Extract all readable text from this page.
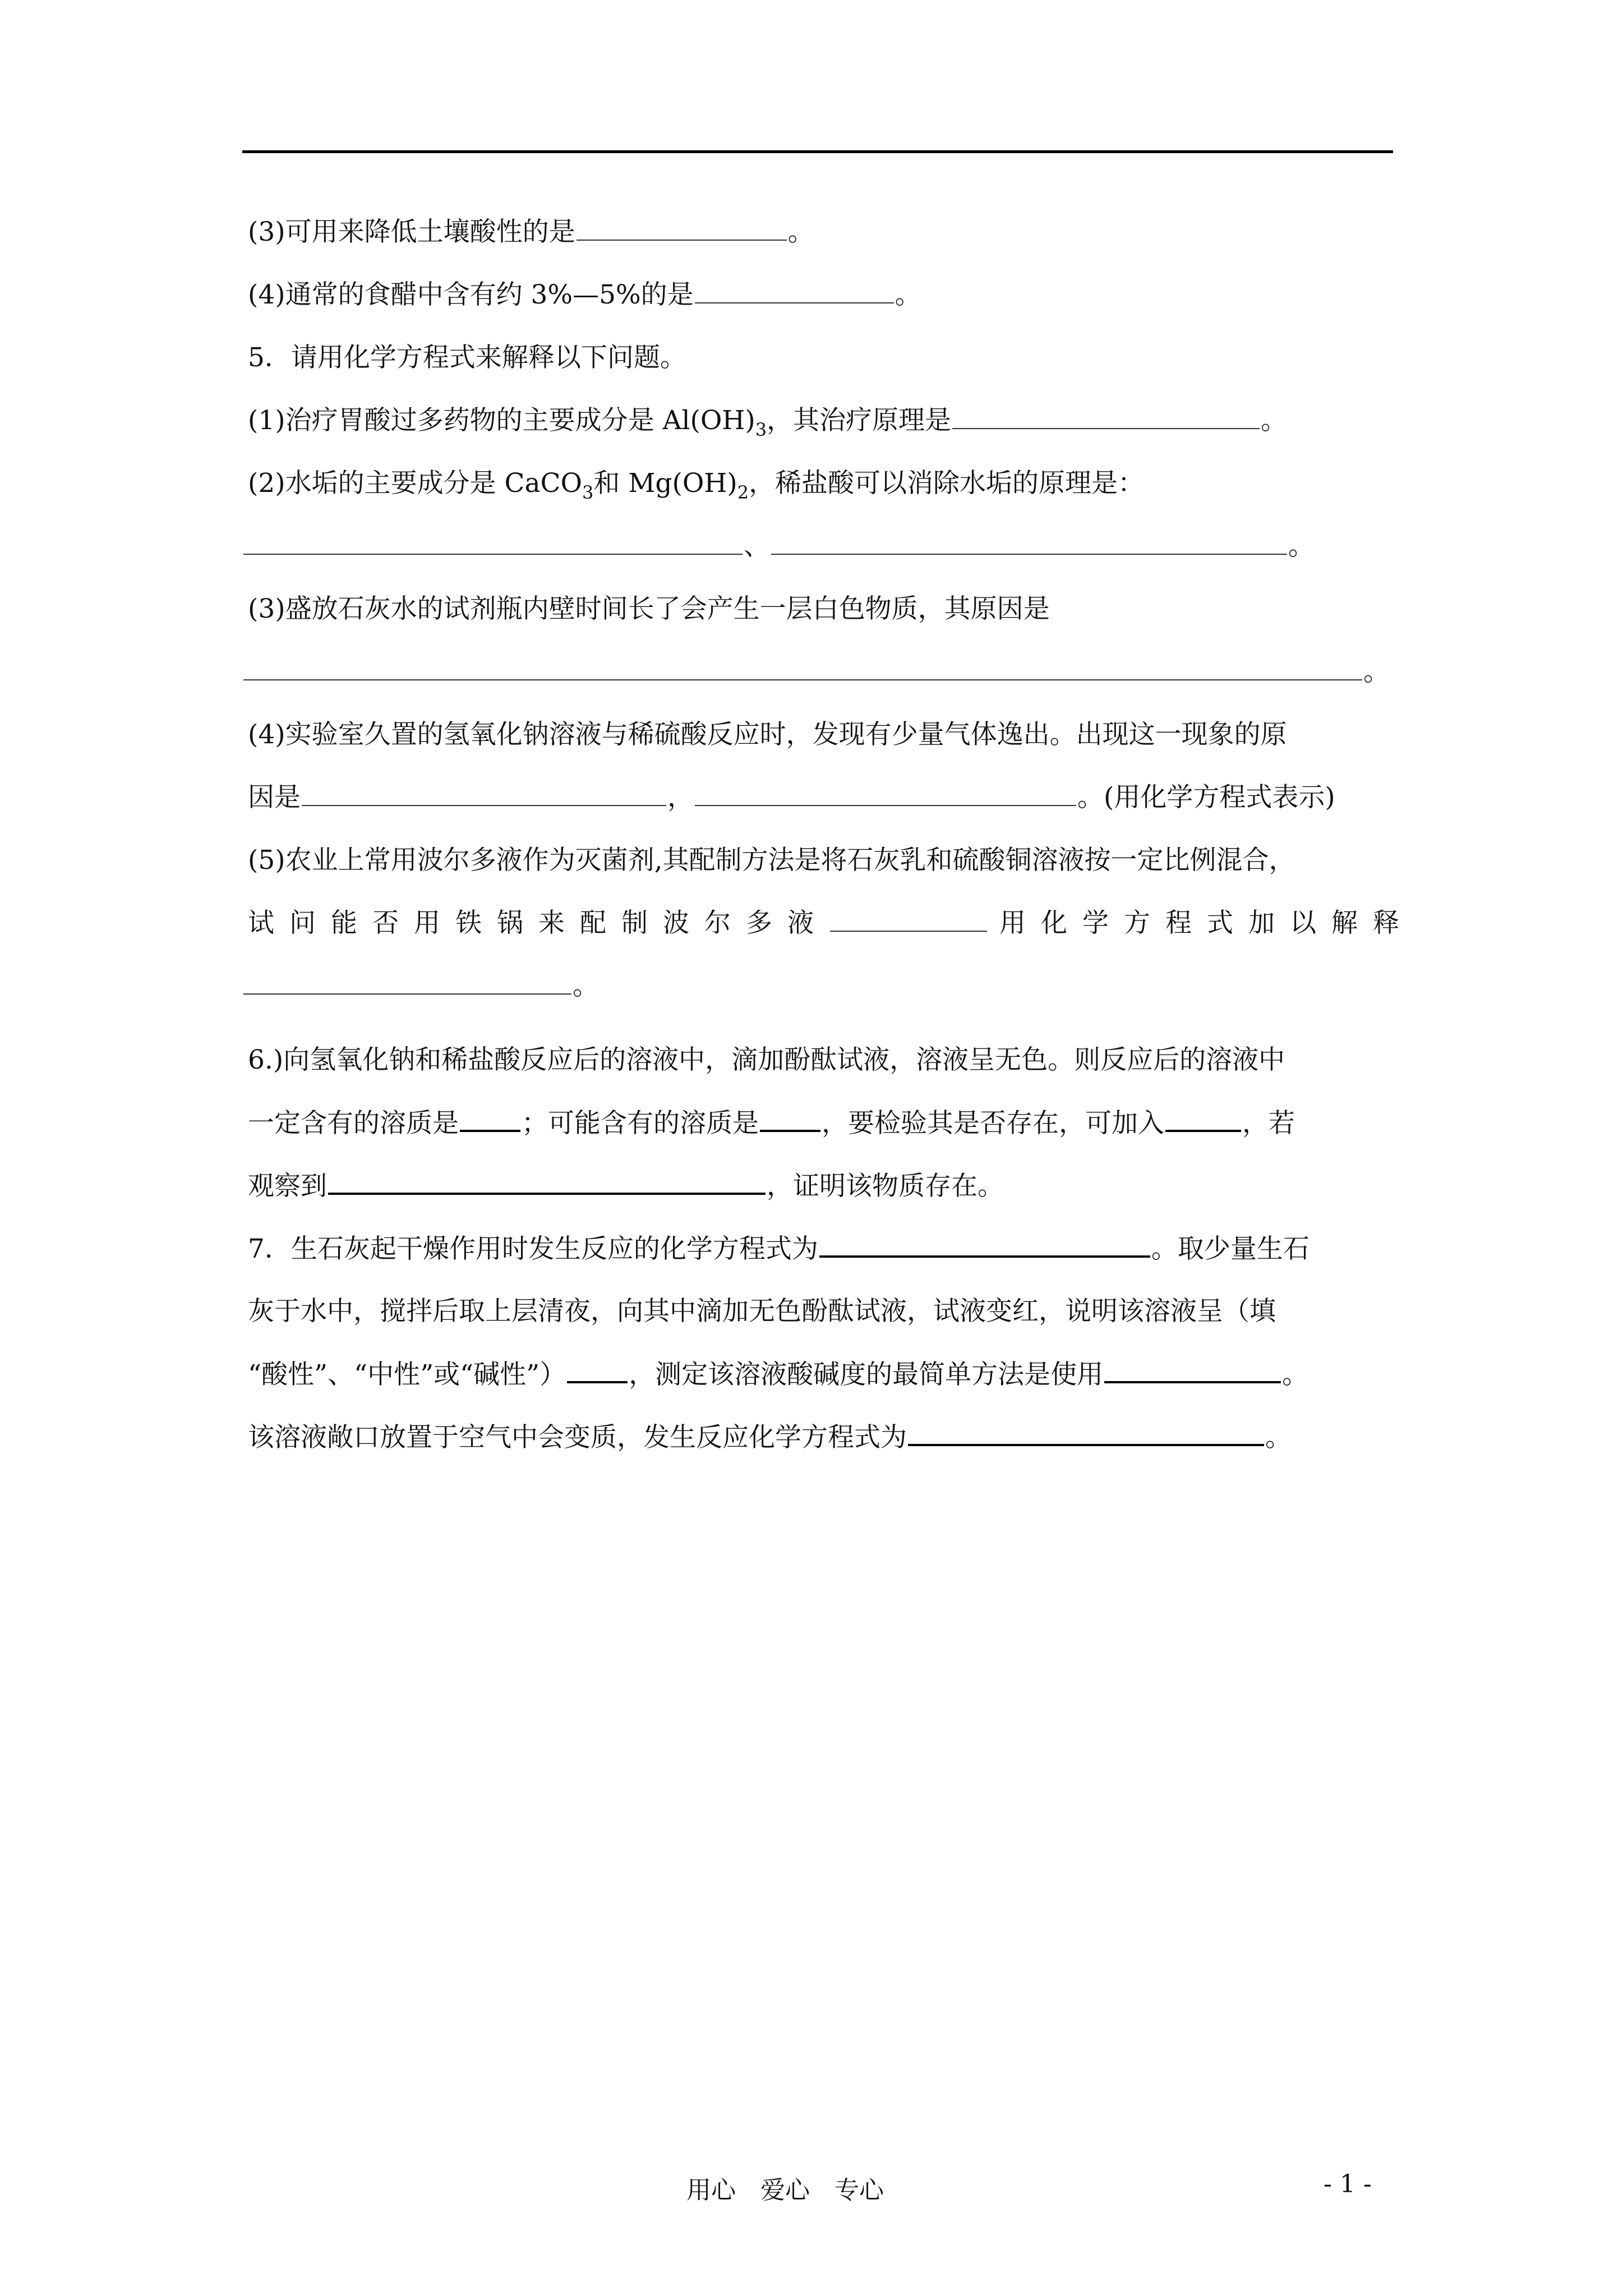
(3)可用来降低土壤酸性的是	。
(4)通常的食醋中含有约 3%—5%的是	。
5．请用化学方程式来解释以下问题。
(1)治疗胃酸过多药物的主要成分是 $Al(OH)_3$，其治疗原理是	。
(2)水垢的主要成分是 CaCO$_3$和 $Mg(OH)_2$，稀盐酸可以消除水垢的原理是：
、	。
(3)盛放石灰水的试剂瓶内壁时间长了会产生一层白色物质，其原因是
。
(4)实验室久置的氢氧化钠溶液与稀硫酸反应时，发现有少量气体逸出。出现这一现象的原
因是	，	。(用化学方程式表示)
(5)农业上常用波尔多液作为灭菌剂,其配制方法是将石灰乳和硫酸铜溶液按一定比例混合，
试问能否用铁锅来配制波尔多液	用化学方程式加以解释
。
6.)向氢氧化钠和稀盐酸反应后的溶液中，滴加酚酞试液，溶液呈无色。则反应后的溶液中
一定含有的溶质是 ；可能含有的溶质是 ，要检验其是否存在，可加入	，若
观察到	，证明该物质存在。
7．生石灰起干燥作用时发生反应的化学方程式为	。取少量生石
灰于水中，搅拌后取上层清夜，向其中滴加无色酚酞试液，试液变红，说明该溶液呈（填
“酸性”、“中性”或“碱性”） ，测定该溶液酸碱度的最简单方法是使用	。
该溶液敞口放置于空气中会变质，发生反应化学方程式为	。
用心　爱心　专心	- 1 -
